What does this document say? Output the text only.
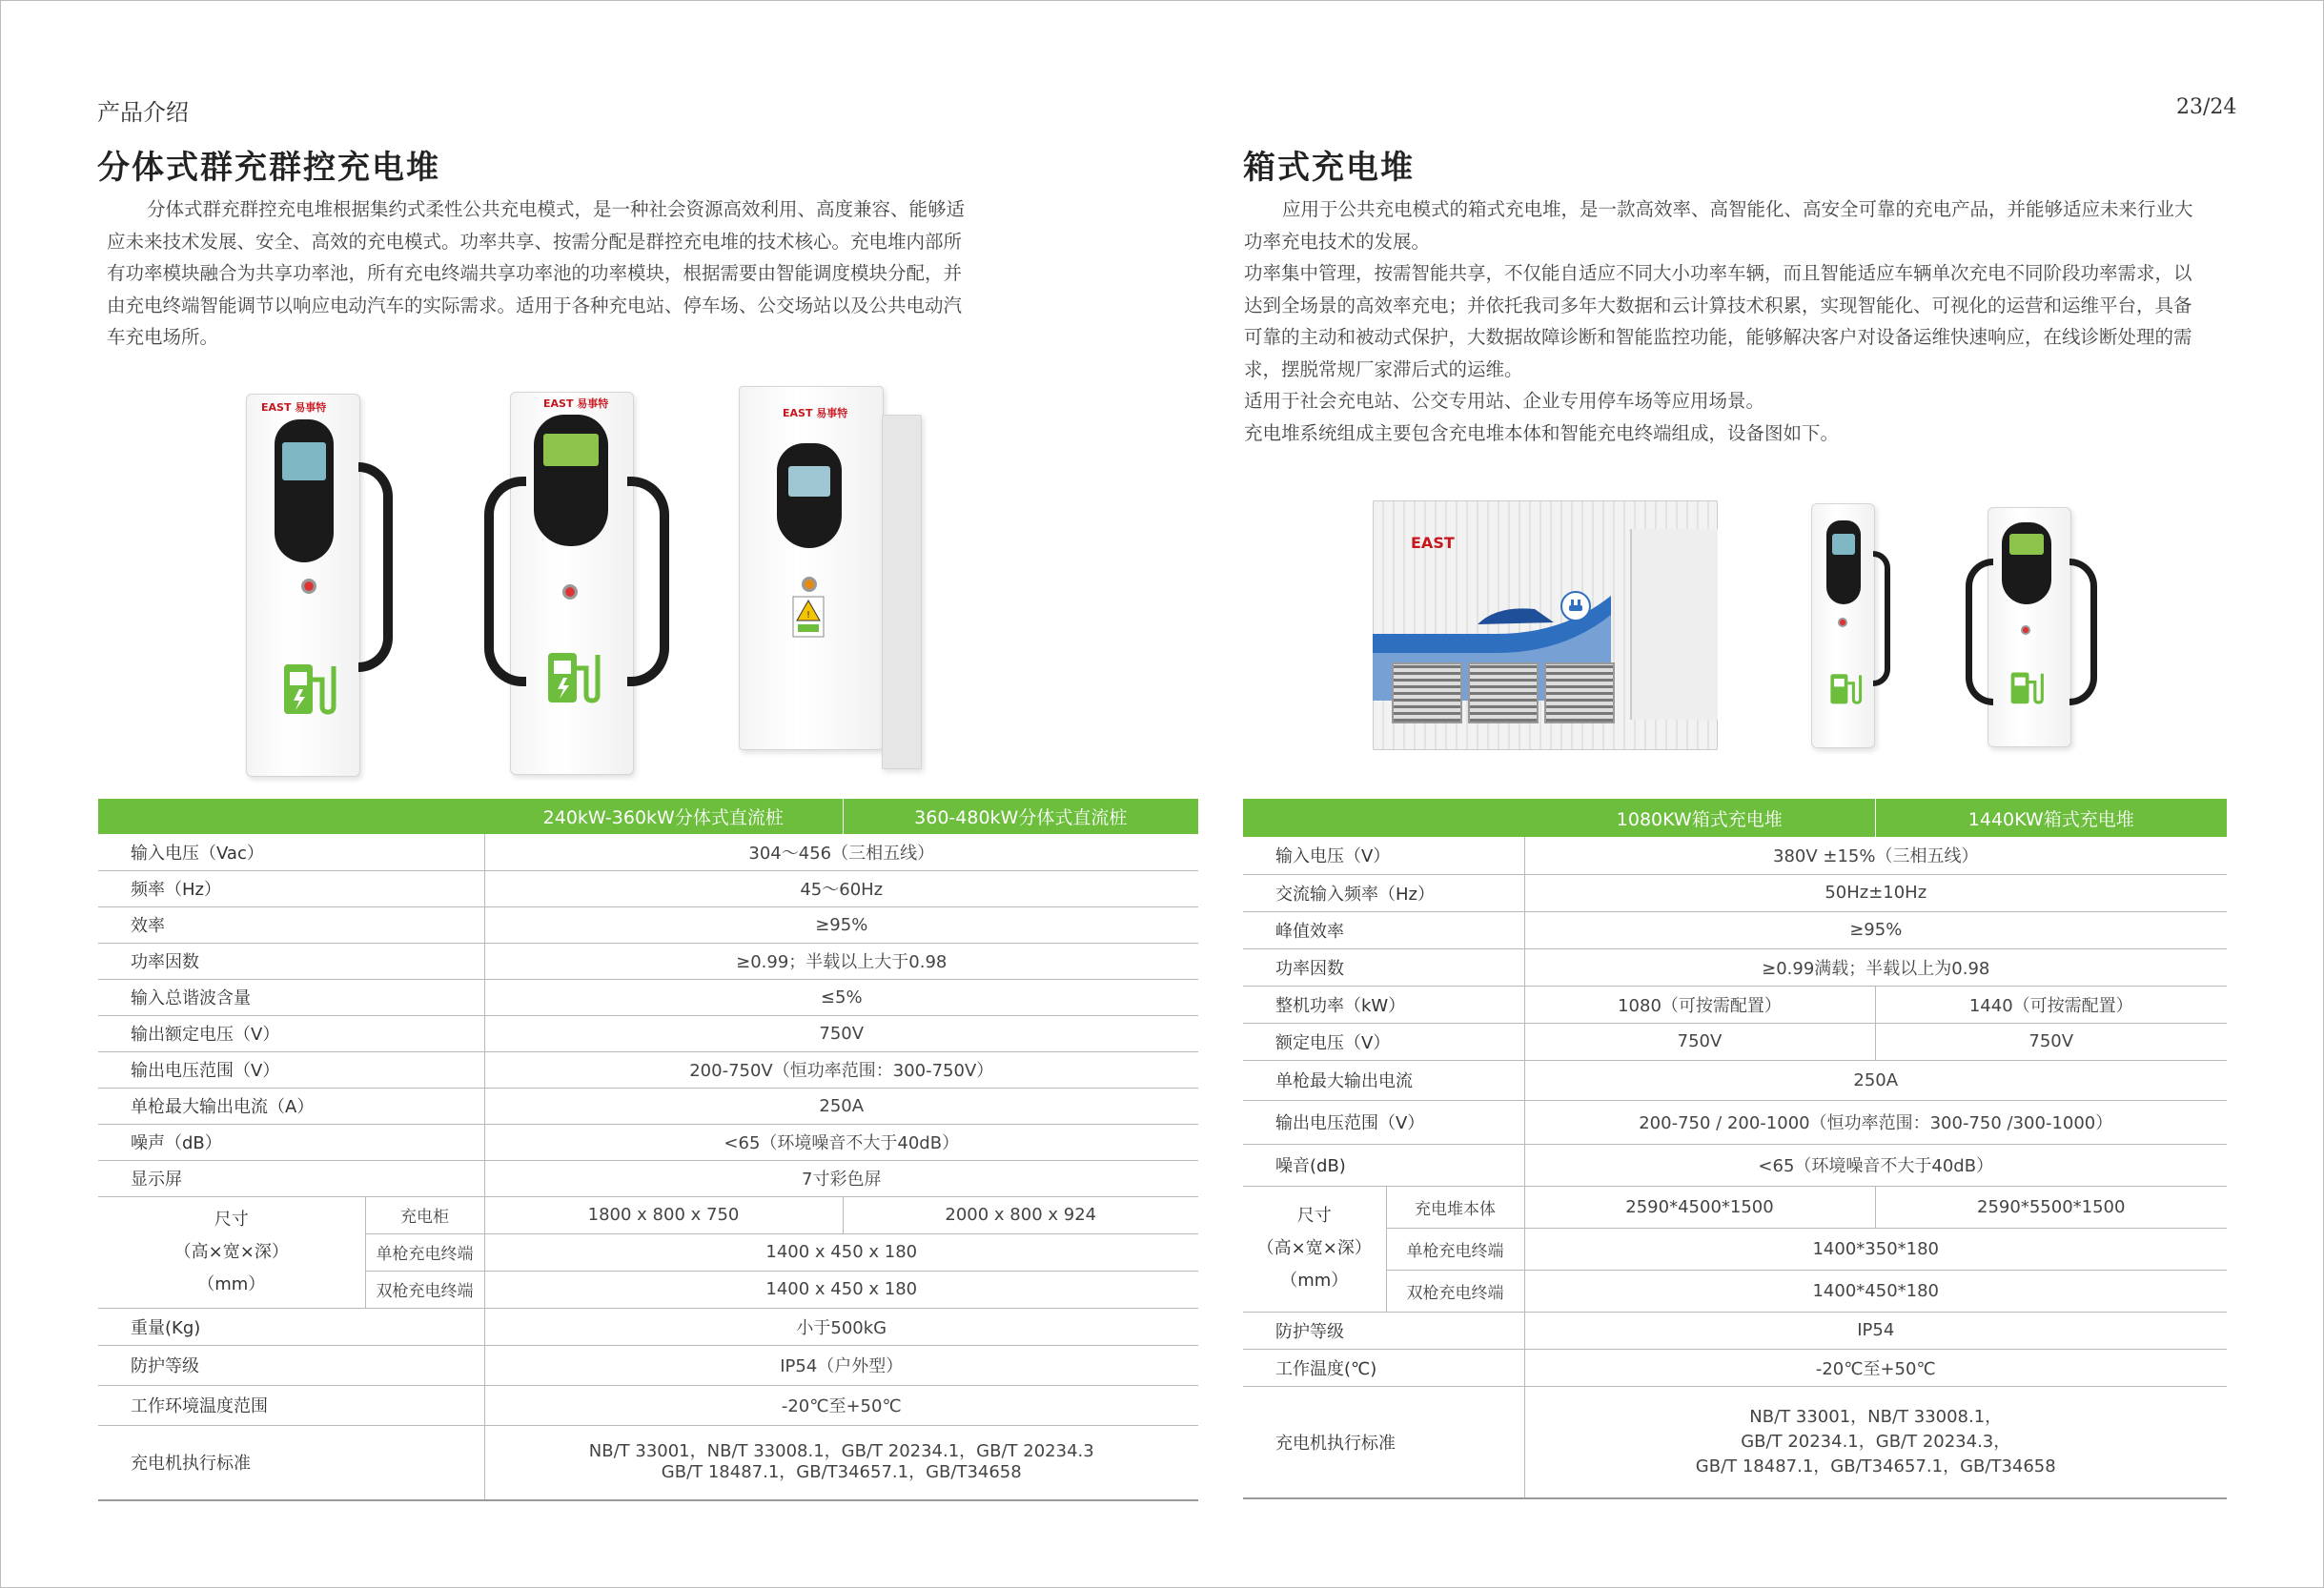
产品介绍	23/24
分体式群充群控充电堆
分体式群充群控充电堆根据集约式柔性公共充电模式，是一种社会资源高效利用、高度兼容、能够适
应未来技术发展、安全、高效的充电模式。功率共享、按需分配是群控充电堆的技术核心。充电堆内部所
有功率模块融合为共享功率池，所有充电终端共享功率池的功率模块，根据需要由智能调度模块分配，并
由充电终端智能调节以响应电动汽车的实际需求。适用于各种充电站、停车场、公交场站以及公共电动汽
车充电场所。
EAST 易事特	EAST 易事特
EAST 易事特
!
		240kW-360kW分体式直流桩	360-480kW分体式直流桩
输入电压（Vac）		304～456（三相五线）	
频率（Hz）		45～60Hz	
效率		≥95%	
功率因数		≥0.99；半载以上大于0.98	
输入总谐波含量		≤5%	
输出额定电压（V）		750V	
输出电压范围（V）		200-750V（恒功率范围：300-750V）	
单枪最大输出电流（A）		250A	
噪声（dB）		<65（环境噪音不大于40dB）	
显示屏		7寸彩色屏	

尺寸
（高×宽×深）
（mm）	充电柜	1800 x 800 x 750	2000 x 800 x 924
	单枪充电终端	1400 x 450 x 180	
	双枪充电终端	1400 x 450 x 180	
重量(Kg)		小于500kG	
防护等级		IP54（户外型）	
工作环境温度范围		-20℃至+50℃	
充电机执行标准		NB/T 33001，NB/T 33008.1，GB/T 20234.1，GB/T 20234.3
GB/T 18487.1，GB/T34657.1，GB/T34658	
箱式充电堆
应用于公共充电模式的箱式充电堆，是一款高效率、高智能化、高安全可靠的充电产品，并能够适应未来行业大
功率充电技术的发展。
功率集中管理，按需智能共享，不仅能自适应不同大小功率车辆，而且智能适应车辆单次充电不同阶段功率需求，以
达到全场景的高效率充电；并依托我司多年大数据和云计算技术积累，实现智能化、可视化的运营和运维平台，具备
可靠的主动和被动式保护，大数据故障诊断和智能监控功能，能够解决客户对设备运维快速响应，在线诊断处理的需
求，摆脱常规厂家滞后式的运维。
适用于社会充电站、公交专用站、企业专用停车场等应用场景。
充电堆系统组成主要包含充电堆本体和智能充电终端组成，设备图如下。
EAST
		1080KW箱式充电堆	1440KW箱式充电堆
输入电压（V）		380V ±15%（三相五线）	
交流输入频率（Hz）		50Hz±10Hz	
峰值效率		≥95%	
功率因数		≥0.99满载；半载以上为0.98	
整机功率（kW）		1080（可按需配置）	1440（可按需配置）
额定电压（V）		750V	750V
单枪最大输出电流		250A	
输出电压范围（V）		200-750 / 200-1000（恒功率范围：300-750 /300-1000）	
噪音(dB)		<65（环境噪音不大于40dB）	

尺寸
（高×宽×深）
（mm）	充电堆本体	2590*4500*1500	2590*5500*1500
	单枪充电终端	1400*350*180	
	双枪充电终端	1400*450*180	
防护等级		IP54	
工作温度(℃)		-20℃至+50℃	
充电机执行标准		NB/T 33001，NB/T 33008.1，
GB/T 20234.1，GB/T 20234.3，
GB/T 18487.1，GB/T34657.1，GB/T34658	
